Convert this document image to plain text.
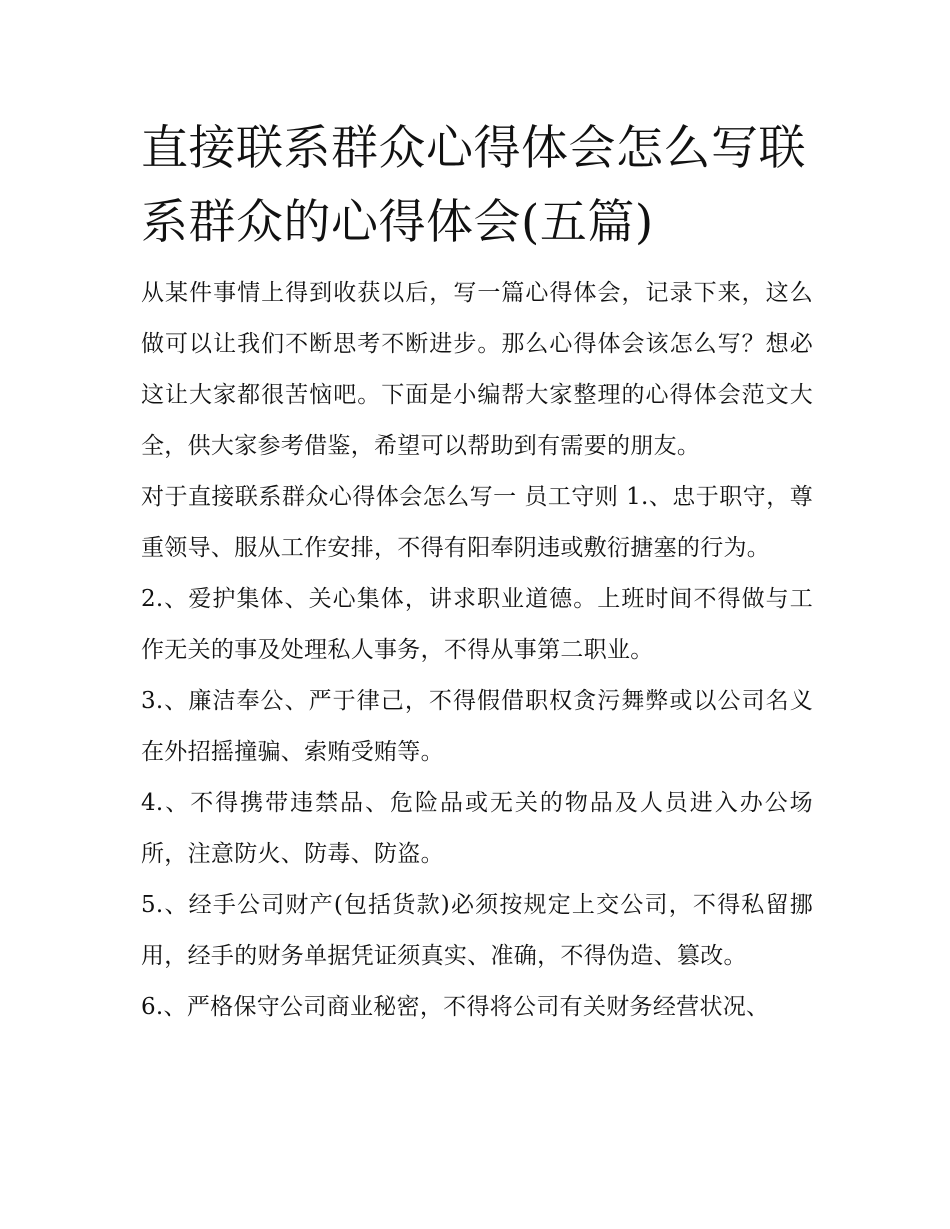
直接联系群众心得体会怎么写联系群众的心得体会(五篇)

从某件事情上得到收获以后，写一篇心得体会，记录下来，这么做可以让我们不断思考不断进步。那么心得体会该怎么写？想必这让大家都很苦恼吧。下面是小编帮大家整理的心得体会范文大全，供大家参考借鉴，希望可以帮助到有需要的朋友。

对于直接联系群众心得体会怎么写一 员工守则 1.、忠于职守，尊重领导、服从工作安排，不得有阳奉阴违或敷衍搪塞的行为。

2.、爱护集体、关心集体，讲求职业道德。上班时间不得做与工作无关的事及处理私人事务，不得从事第二职业。

3.、廉洁奉公、严于律己，不得假借职权贪污舞弊或以公司名义在外招摇撞骗、索贿受贿等。

4.、不得携带违禁品、危险品或无关的物品及人员进入办公场所，注意防火、防毒、防盗。

5.、经手公司财产(包括货款)必须按规定上交公司，不得私留挪用，经手的财务单据凭证须真实、准确，不得伪造、篡改。

6.、严格保守公司商业秘密，不得将公司有关财务经营状况、
